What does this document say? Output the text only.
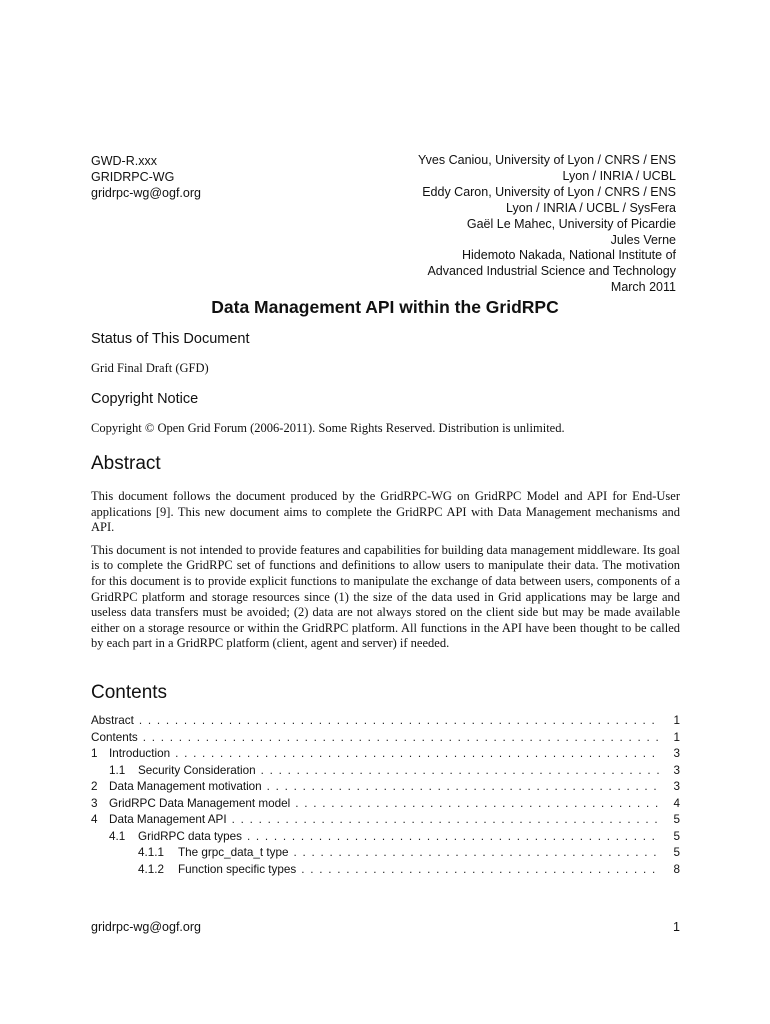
GWD-R.xxx
GRIDRPC-WG
gridrpc-wg@ogf.org
Yves Caniou, University of Lyon / CNRS / ENS
Lyon / INRIA / UCBL
Eddy Caron, University of Lyon / CNRS / ENS
Lyon / INRIA / UCBL / SysFera
Gaël Le Mahec, University of Picardie
Jules Verne
Hidemoto Nakada, National Institute of
Advanced Industrial Science and Technology
March 2011
Data Management API within the GridRPC
Status of This Document
Grid Final Draft (GFD)
Copyright Notice
Copyright © Open Grid Forum (2006-2011). Some Rights Reserved. Distribution is unlimited.
Abstract

This document follows the document produced by the GridRPC-WG on GridRPC Model and API for End-User applications [9]. This new document aims to complete the GridRPC API with Data Management mechanisms and API.

This document is not intended to provide features and capabilities for building data management middleware. Its goal is to complete the GridRPC set of functions and definitions to allow users to manipulate their data. The motivation for this document is to provide explicit functions to manipulate the exchange of data between users, components of a GridRPC platform and storage resources since (1) the size of the data used in Grid applications may be large and useless data transfers must be avoided; (2) data are not always stored on the client side but may be made available either on a storage resource or within the GridRPC platform. All functions in the API have been thought to be called by each part in a GridRPC platform (client, agent and server) if needed.

Contents
Abstract . . .	1
Contents . . .	1
1 Introduction . . .	3
1.1	Security Consideration . . .	3
2 Data Management motivation . . .	3
3 GridRPC Data Management model . . .	4
4 Data Management API . . .	5
4.1	GridRPC data types . . .	5
4.1.1	The grpc_data_t type . . .	5
4.1.2	Function specific types . . .	8
gridrpc-wg@ogf.org	1
